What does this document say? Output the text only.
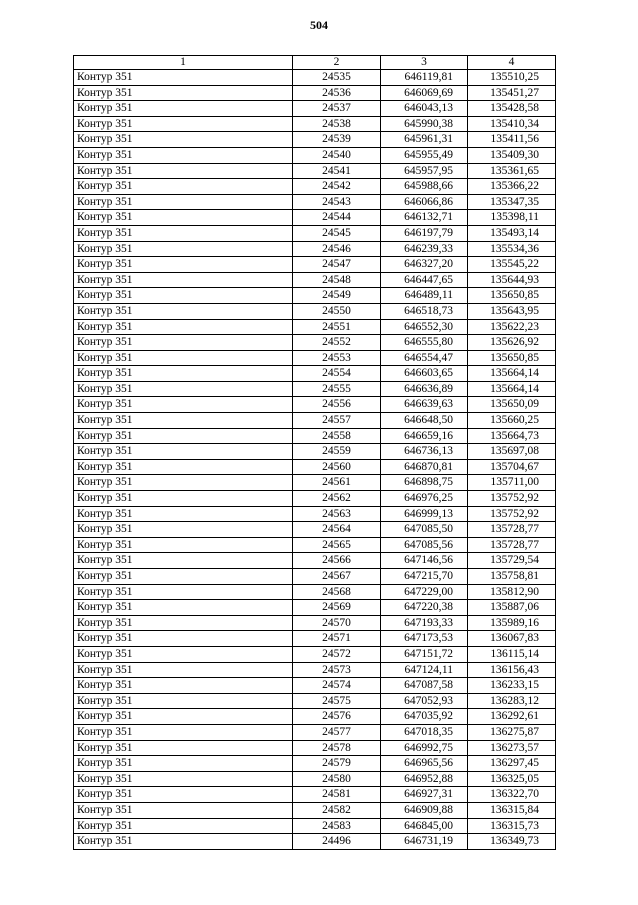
504
1	2	3	4
Контур 351	24535	646119,81	135510,25
Контур 351	24536	646069,69	135451,27
Контур 351	24537	646043,13	135428,58
Контур 351	24538	645990,38	135410,34
Контур 351	24539	645961,31	135411,56
Контур 351	24540	645955,49	135409,30
Контур 351	24541	645957,95	135361,65
Контур 351	24542	645988,66	135366,22
Контур 351	24543	646066,86	135347,35
Контур 351	24544	646132,71	135398,11
Контур 351	24545	646197,79	135493,14
Контур 351	24546	646239,33	135534,36
Контур 351	24547	646327,20	135545,22
Контур 351	24548	646447,65	135644,93
Контур 351	24549	646489,11	135650,85
Контур 351	24550	646518,73	135643,95
Контур 351	24551	646552,30	135622,23
Контур 351	24552	646555,80	135626,92
Контур 351	24553	646554,47	135650,85
Контур 351	24554	646603,65	135664,14
Контур 351	24555	646636,89	135664,14
Контур 351	24556	646639,63	135650,09
Контур 351	24557	646648,50	135660,25
Контур 351	24558	646659,16	135664,73
Контур 351	24559	646736,13	135697,08
Контур 351	24560	646870,81	135704,67
Контур 351	24561	646898,75	135711,00
Контур 351	24562	646976,25	135752,92
Контур 351	24563	646999,13	135752,92
Контур 351	24564	647085,50	135728,77
Контур 351	24565	647085,56	135728,77
Контур 351	24566	647146,56	135729,54
Контур 351	24567	647215,70	135758,81
Контур 351	24568	647229,00	135812,90
Контур 351	24569	647220,38	135887,06
Контур 351	24570	647193,33	135989,16
Контур 351	24571	647173,53	136067,83
Контур 351	24572	647151,72	136115,14
Контур 351	24573	647124,11	136156,43
Контур 351	24574	647087,58	136233,15
Контур 351	24575	647052,93	136283,12
Контур 351	24576	647035,92	136292,61
Контур 351	24577	647018,35	136275,87
Контур 351	24578	646992,75	136273,57
Контур 351	24579	646965,56	136297,45
Контур 351	24580	646952,88	136325,05
Контур 351	24581	646927,31	136322,70
Контур 351	24582	646909,88	136315,84
Контур 351	24583	646845,00	136315,73
Контур 351	24496	646731,19	136349,73
